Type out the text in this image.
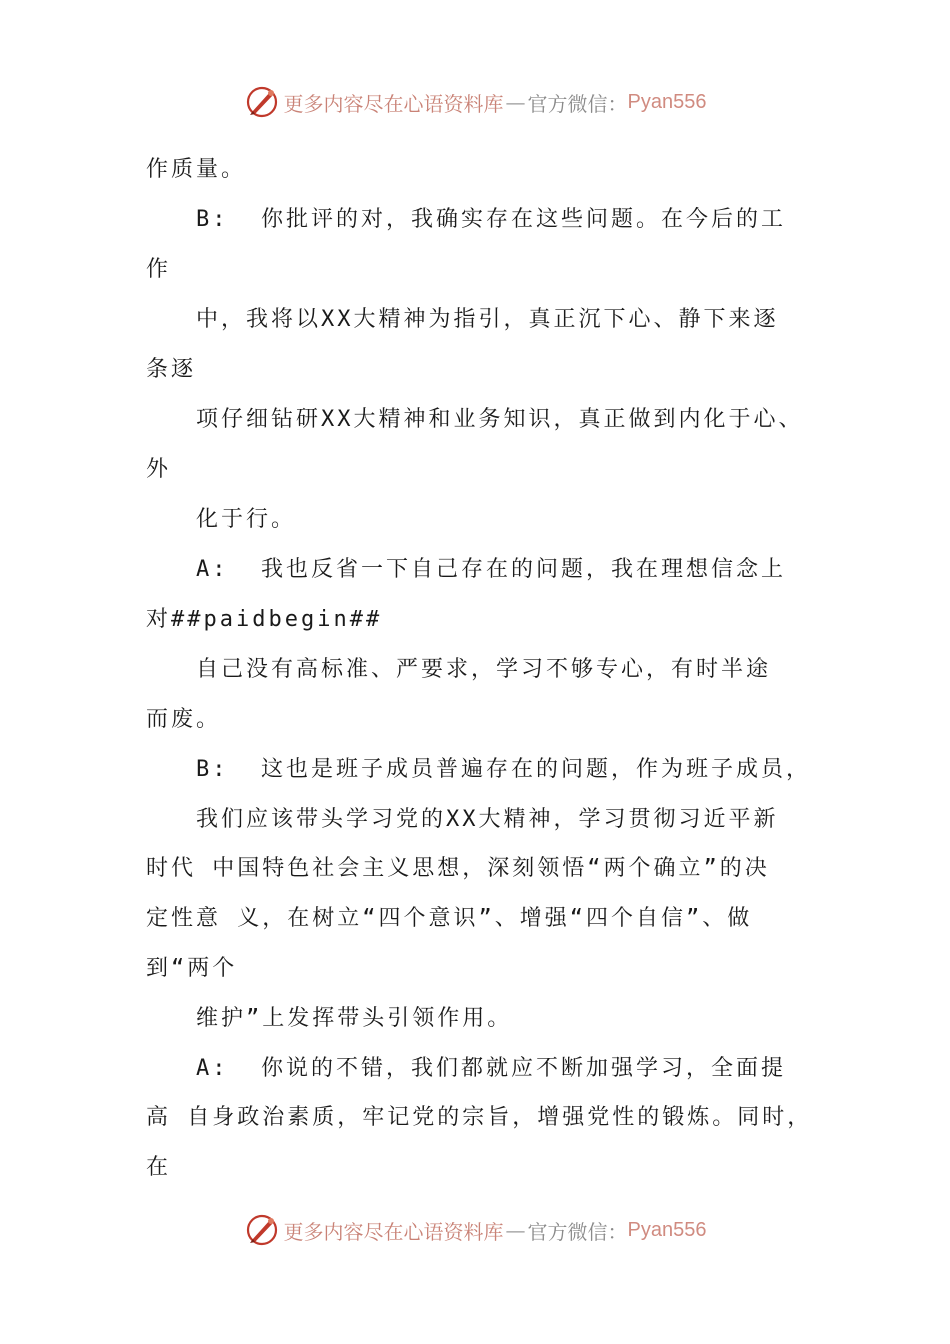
更多内容尽在心语资料库 — 官方微信： Pyan556
作质量。
B:  你批评的对，我确实存在这些问题。在今后的工
作
中，我将以XX大精神为指引，真正沉下心、静下来逐
条逐
项仔细钻研XX大精神和业务知识，真正做到内化于心、
外
化于行。
A:  我也反省一下自己存在的问题，我在理想信念上
对##paidbegin##
自己没有高标准、严要求，学习不够专心，有时半途
而废。
B:  这也是班子成员普遍存在的问题，作为班子成员，
我们应该带头学习党的XX大精神，学习贯彻习近平新
时代 中国特色社会主义思想，深刻领悟“两个确立”的决
定性意 义，在树立“四个意识”、增强“四个自信”、做
到“两个
维护”上发挥带头引领作用。
A:  你说的不错，我们都就应不断加强学习，全面提
高 自身政治素质，牢记党的宗旨，增强党性的锻炼。同时，
在
更多内容尽在心语资料库 — 官方微信： Pyan556
